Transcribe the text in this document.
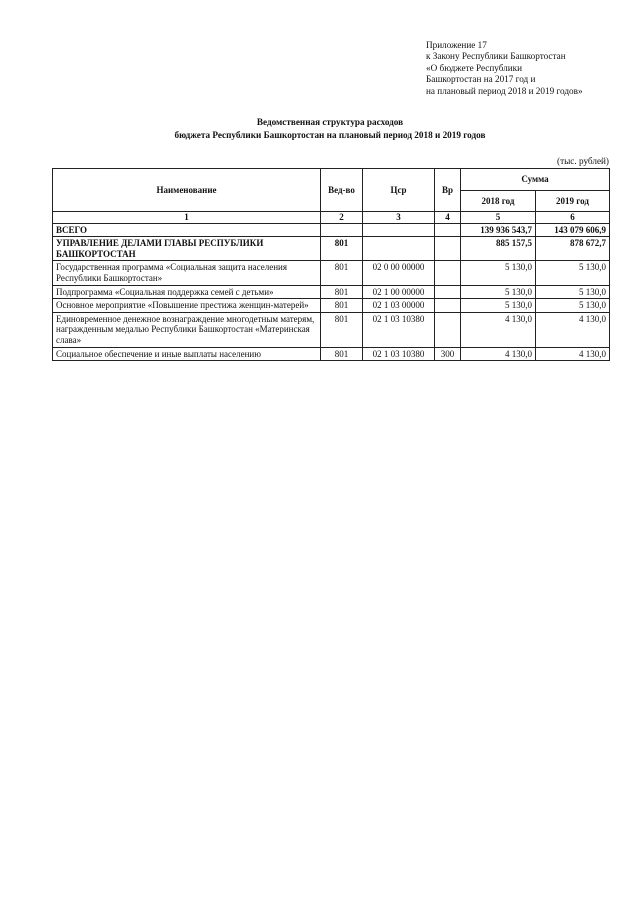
Приложение 17
к Закону Республики Башкортостан
«О бюджете Республики
Башкортостан на 2017 год и
на плановый период 2018 и 2019 годов»
Ведомственная структура расходов
бюджета Республики Башкортостан на плановый период 2018 и 2019 годов
(тыс. рублей)
Наименование	Вед-во	Цср	Вр	Сумма	
				2018 год	2019 год
1	2	3	4	5	6
ВСЕГО				139 936 543,7	143 079 606,9
УПРАВЛЕНИЕ ДЕЛАМИ ГЛАВЫ РЕСПУБЛИКИ БАШКОРТОСТАН	801			885 157,5	878 672,7
Государственная программа «Социальная защита населения Республики Башкортостан»	801	02 0 00 00000		5 130,0	5 130,0
Подпрограмма «Социальная поддержка семей с детьми»	801	02 1 00 00000		5 130,0	5 130,0
Основное мероприятие «Повышение престижа женщин-матерей»	801	02 1 03 00000		5 130,0	5 130,0
Единовременное денежное вознаграждение многодетным матерям, награжденным медалью Республики Башкортостан «Материнская слава»	801	02 1 03 10380		4 130,0	4 130,0
Социальное обеспечение и иные выплаты населению	801	02 1 03 10380	300	4 130,0	4 130,0
